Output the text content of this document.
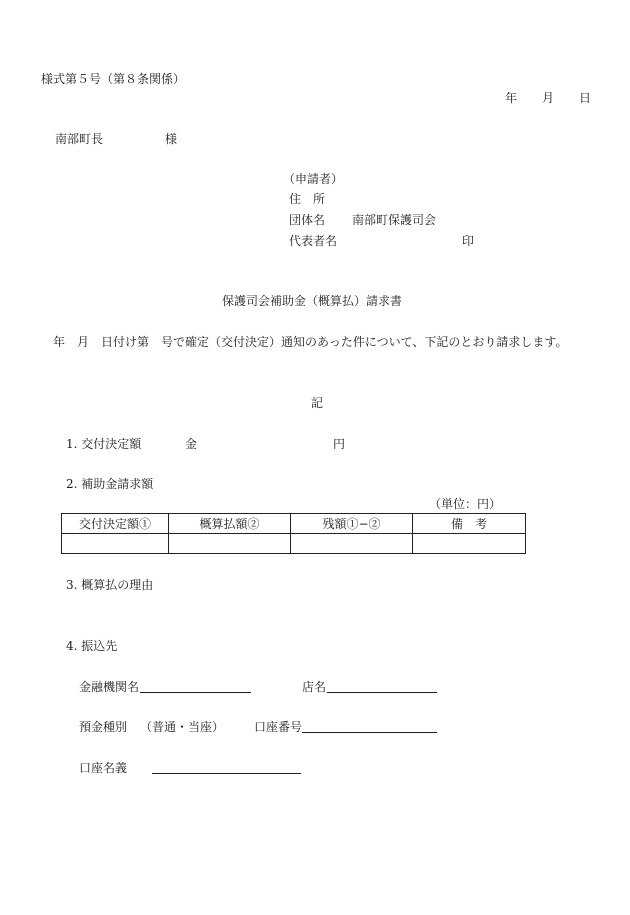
様式第５号（第８条関係）
年 月 日
南部町長	様
（申請者）
住　所
団体名 南部町保護司会
代表者名	印
保護司会補助金（概算払）請求書
　年　月　日付け第　号で確定（交付決定）通知のあった件について、下記のとおり請求します。
記
1. 交付決定額	金	円
2. 補助金請求額
（単位：円）
交付決定額①	概算払額②	残額①−②	備　考

3. 概算払の理由
4. 振込先
金融機関名	店名
預金種別 （普通・当座） 口座番号
口座名義
